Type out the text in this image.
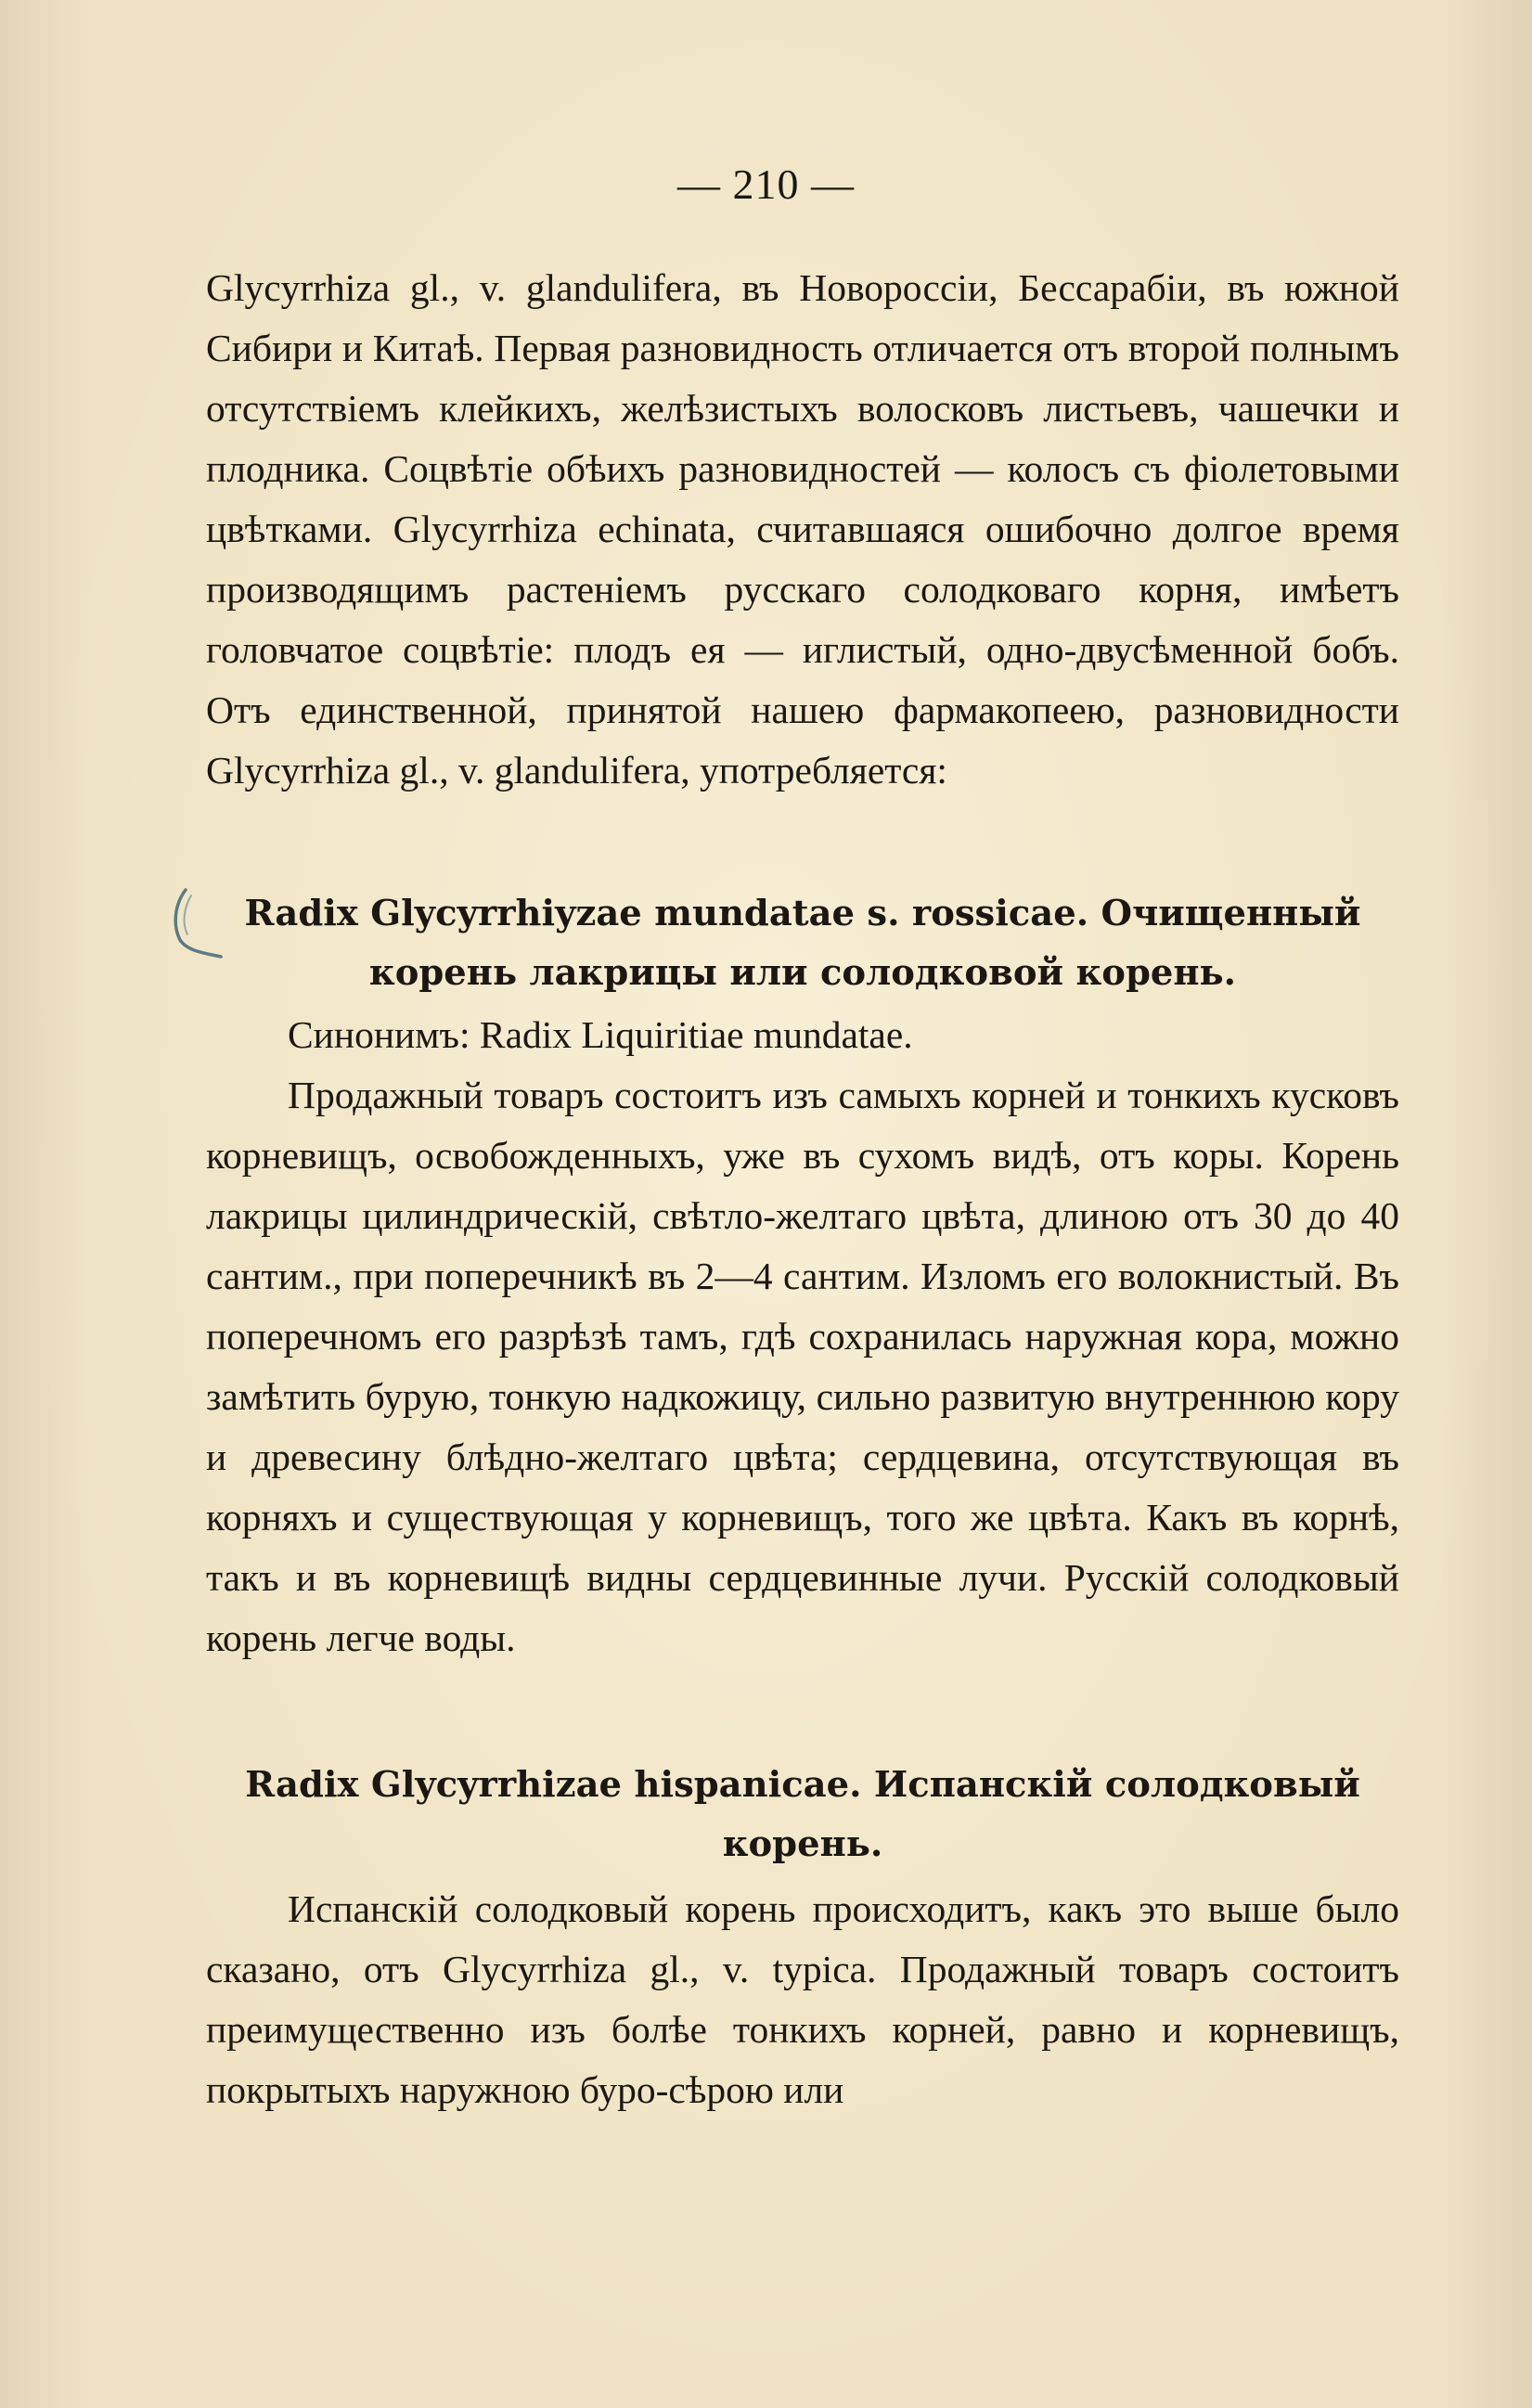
— 210 —

Glycyrrhiza gl., v. glandulifera, въ Новороссіи, Бессарабіи, въ южной Сибири и Китаѣ. Первая разновидность отличается отъ второй полнымъ отсутствіемъ клейкихъ, желѣзистыхъ волосковъ листьевъ, чашечки и плодника. Соцвѣтіе обѣихъ разновидностей — колосъ съ фіолетовыми цвѣтками. Glycyrrhiza echinata, считавшаяся ошибочно долгое время производящимъ растеніемъ русскаго солодковаго корня, имѣетъ головчатое соцвѣтіе: плодъ ея — иглистый, одно-двусѣменной бобъ. Отъ единственной, принятой нашею фармакопеею, разновидности Glycyrrhiza gl., v. glandulifera, употребляется:

Radix Glycyrrhiyzae mundatae s. rossicae. Очищенный корень лакрицы или солодковой корень.

Синонимъ: Radix Liquiritiae mundatae.

Продажный товаръ состоитъ изъ самыхъ корней и тонкихъ кусковъ корневищъ, освобожденныхъ, уже въ сухомъ видѣ, отъ коры. Корень лакрицы цилиндрическій, свѣтло-желтаго цвѣта, длиною отъ 30 до 40 сантим., при поперечникѣ въ 2—4 сантим. Изломъ его волокнистый. Въ поперечномъ его разрѣзѣ тамъ, гдѣ сохранилась наружная кора, можно замѣтить бурую, тонкую надкожицу, сильно развитую внутреннюю кору и древесину блѣдно-желтаго цвѣта; сердцевина, отсутствующая въ корняхъ и существующая у корневищъ, того же цвѣта. Какъ въ корнѣ, такъ и въ корневищѣ видны сердцевинные лучи. Русскій солодковый корень легче воды.

Radix Glycyrrhizae hispanicae. Испанскій солодковый корень.

Испанскій солодковый корень происходитъ, какъ это выше было сказано, отъ Glycyrrhiza gl., v. typica. Продажный товаръ состоитъ преимущественно изъ болѣе тонкихъ корней, равно и корневищъ, покрытыхъ наружною буро-сѣрою или
